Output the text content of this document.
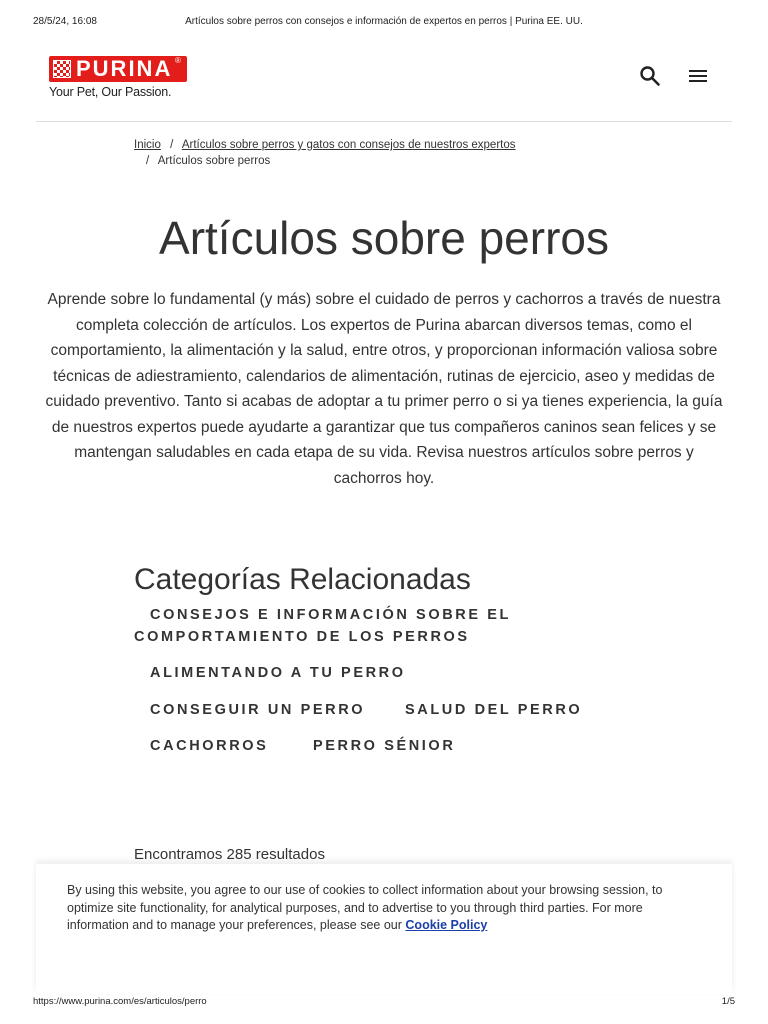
28/5/24, 16:08	Artículos sobre perros con consejos e información de expertos en perros | Purina EE. UU.
PURINA ®
Your Pet, Our Passion.
Inicio / Artículos sobre perros y gatos con consejos de nuestros expertos
/ Artículos sobre perros
Artículos sobre perros

Aprende sobre lo fundamental (y más) sobre el cuidado de perros y cachorros a través de nuestra completa colección de artículos. Los expertos de Purina abarcan diversos temas, como el comportamiento, la alimentación y la salud, entre otros, y proporcionan información valiosa sobre técnicas de adiestramiento, calendarios de alimentación, rutinas de ejercicio, aseo y medidas de cuidado preventivo. Tanto si acabas de adoptar a tu primer perro o si ya tienes experiencia, la guía de nuestros expertos puede ayudarte a garantizar que tus compañeros caninos sean felices y se mantengan saludables en cada etapa de su vida. Revisa nuestros artículos sobre perros y cachorros hoy.

Categorías Relacionadas
CONSEJOS E INFORMACIÓN SOBRE EL
COMPORTAMIENTO DE LOS PERROS
ALIMENTANDO A TU PERRO
CONSEGUIR UN PERRO	SALUD DEL PERRO
CACHORROS	PERRO SÉNIOR
Encontramos 285 resultados

By using this website, you agree to our use of cookies to collect information about your browsing session, to optimize site functionality, for analytical purposes, and to advertise to you through third parties. For more information and to manage your preferences, please see our Cookie Policy

https://www.purina.com/es/articulos/perro	1/5
